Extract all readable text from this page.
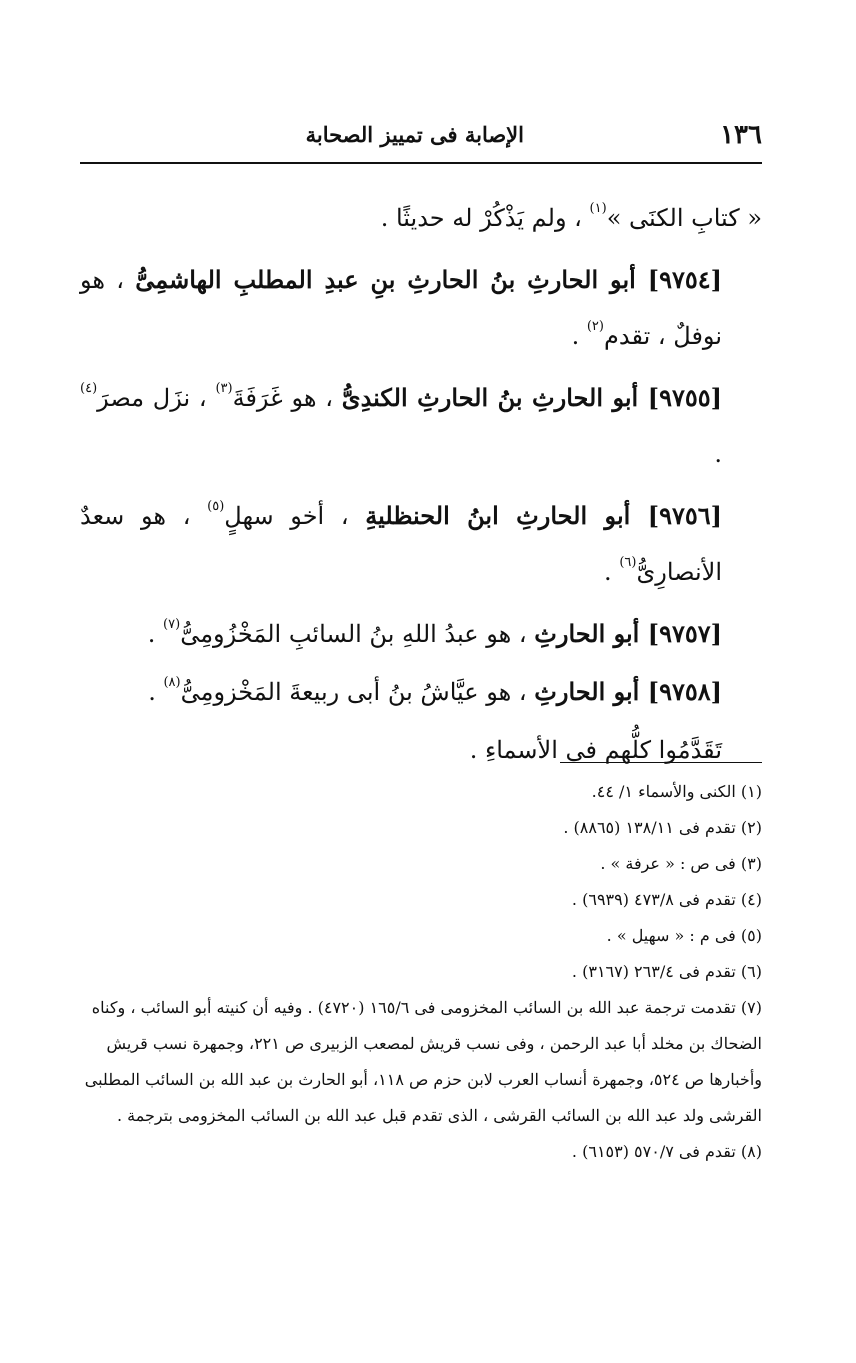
١٣٦
الإصابة فى تمييز الصحابة

« كتابِ الكنَى »$^{(١)}$ ، ولم يَذْكُرْ له حديثًا .

[٩٧٥٤] أبو الحارثِ بنُ الحارثِ بنِ عبدِ المطلبِ الهاشمِىُّ ، هو نوفلٌ ، تقدم$^{(٢)}$ .

[٩٧٥٥] أبو الحارثِ بنُ الحارثِ الكندِىُّ ، هو غَرَفَةَ$^{(٣)}$ ، نزَل مصرَ$^{(٤)}$ .

[٩٧٥٦] أبو الحارثِ ابنُ الحنظليةِ ، أخو سهلٍ$^{(٥)}$ ، هو سعدٌ الأنصارِىُّ$^{(٦)}$ .

[٩٧٥٧] أبو الحارثِ ، هو عبدُ اللهِ بنُ السائبِ المَخْزُومِىُّ$^{(٧)}$ .

[٩٧٥٨] أبو الحارثِ ، هو عيَّاشُ بنُ أبى ربيعةَ المَخْزومِىُّ$^{(٨)}$ .

تَقَدَّمُوا كلُّهم فى الأسماءِ .

(١) الكنى والأسماء ١/ ٤٤.

(٢) تقدم فى ١٣٨/١١ (٨٨٦٥) .

(٣) فى ص : « عرفة » .

(٤) تقدم فى ٤٧٣/٨ (٦٩٣٩) .

(٥) فى م : « سهيل » .

(٦) تقدم فى ٢٦٣/٤ (٣١٦٧) .

(٧) تقدمت ترجمة عبد الله بن السائب المخزومى فى ١٦٥/٦ (٤٧٢٠) . وفيه أن كنيته أبو السائب ، وكناه الضحاك بن مخلد أبا عبد الرحمن ، وفى نسب قريش لمصعب الزبيرى ص ٢٢١، وجمهرة نسب قريش وأخبارها ص ٥٢٤، وجمهرة أنساب العرب لابن حزم ص ١١٨، أبو الحارث بن عبد الله بن السائب المطلبى القرشى ولد عبد الله بن السائب القرشى ، الذى تقدم قبل عبد الله بن السائب المخزومى بترجمة .

(٨) تقدم فى ٥٧٠/٧ (٦١٥٣) .
